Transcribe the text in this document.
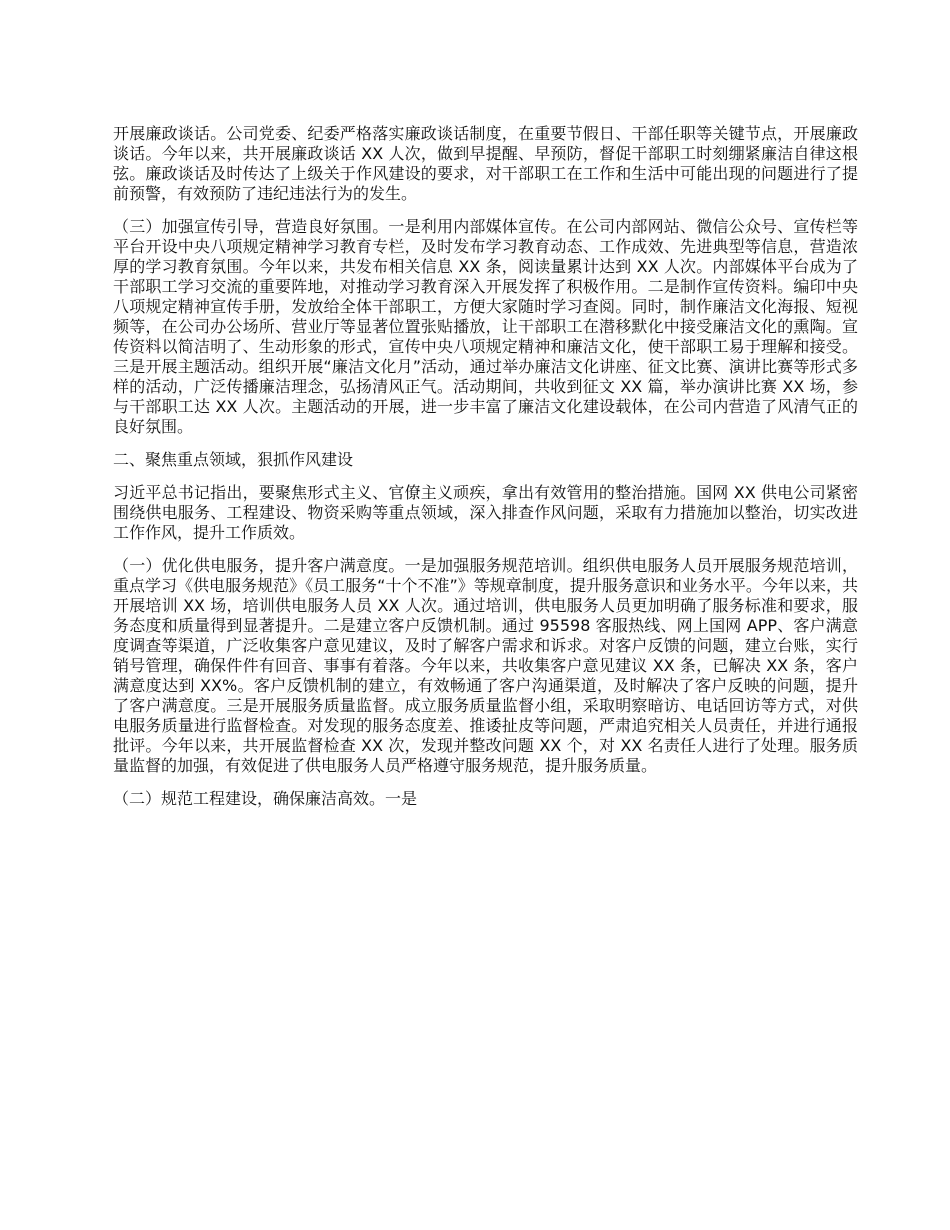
开展廉政谈话。公司党委、纪委严格落实廉政谈话制度，在重要节假日、干部任职等关键节点，开展廉政谈话。今年以来，共开展廉政谈话 XX 人次，做到早提醒、早预防，督促干部职工时刻绷紧廉洁自律这根弦。廉政谈话及时传达了上级关于作风建设的要求，对干部职工在工作和生活中可能出现的问题进行了提前预警，有效预防了违纪违法行为的发生。

（三）加强宣传引导，营造良好氛围。一是利用内部媒体宣传。在公司内部网站、微信公众号、宣传栏等平台开设中央八项规定精神学习教育专栏，及时发布学习教育动态、工作成效、先进典型等信息，营造浓厚的学习教育氛围。今年以来，共发布相关信息 XX 条，阅读量累计达到 XX 人次。内部媒体平台成为了干部职工学习交流的重要阵地，对推动学习教育深入开展发挥了积极作用。二是制作宣传资料。编印中央八项规定精神宣传手册，发放给全体干部职工，方便大家随时学习查阅。同时，制作廉洁文化海报、短视频等，在公司办公场所、营业厅等显著位置张贴播放，让干部职工在潜移默化中接受廉洁文化的熏陶。宣传资料以简洁明了、生动形象的形式，宣传中央八项规定精神和廉洁文化，使干部职工易于理解和接受。三是开展主题活动。组织开展“廉洁文化月”活动，通过举办廉洁文化讲座、征文比赛、演讲比赛等形式多样的活动，广泛传播廉洁理念，弘扬清风正气。活动期间，共收到征文 XX 篇，举办演讲比赛 XX 场，参与干部职工达 XX 人次。主题活动的开展，进一步丰富了廉洁文化建设载体，在公司内营造了风清气正的良好氛围。

二、聚焦重点领域，狠抓作风建设

习近平总书记指出，要聚焦形式主义、官僚主义顽疾，拿出有效管用的整治措施。国网 XX 供电公司紧密围绕供电服务、工程建设、物资采购等重点领域，深入排查作风问题，采取有力措施加以整治，切实改进工作作风，提升工作质效。

（一）优化供电服务，提升客户满意度。一是加强服务规范培训。组织供电服务人员开展服务规范培训，重点学习《供电服务规范》《员工服务“十个不准”》等规章制度，提升服务意识和业务水平。今年以来，共开展培训 XX 场，培训供电服务人员 XX 人次。通过培训，供电服务人员更加明确了服务标准和要求，服务态度和质量得到显著提升。二是建立客户反馈机制。通过 95598 客服热线、网上国网 APP、客户满意度调查等渠道，广泛收集客户意见建议，及时了解客户需求和诉求。对客户反馈的问题，建立台账，实行销号管理，确保件件有回音、事事有着落。今年以来，共收集客户意见建议 XX 条，已解决 XX 条，客户满意度达到 XX%。客户反馈机制的建立，有效畅通了客户沟通渠道，及时解决了客户反映的问题，提升了客户满意度。三是开展服务质量监督。成立服务质量监督小组，采取明察暗访、电话回访等方式，对供电服务质量进行监督检查。对发现的服务态度差、推诿扯皮等问题，严肃追究相关人员责任，并进行通报批评。今年以来，共开展监督检查 XX 次，发现并整改问题 XX 个，对 XX 名责任人进行了处理。服务质量监督的加强，有效促进了供电服务人员严格遵守服务规范，提升服务质量。

（二）规范工程建设，确保廉洁高效。一是
